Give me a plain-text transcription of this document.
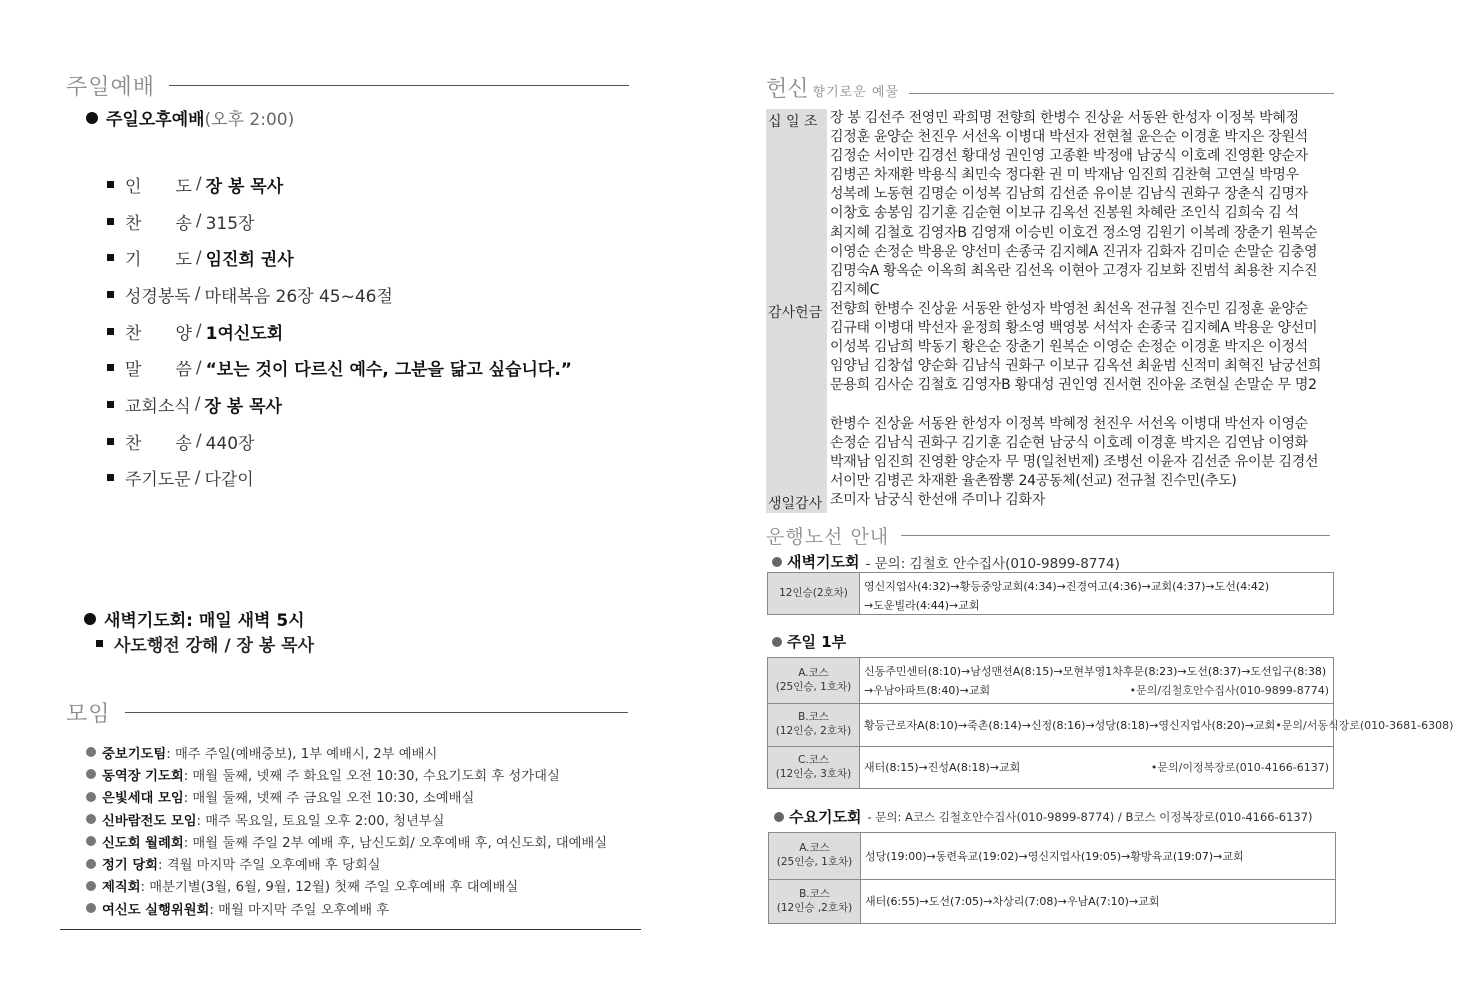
주일예배
주일오후예배 (오후 2:00)
인 도 / 장 봉 목사
찬 송 / 315장
기 도 / 임진희 권사
성경봉독 / 마태복음 26장 45~46절
찬 양 / 1여신도회
말 씀 / “보는 것이 다르신 예수, 그분을 닮고 싶습니다.”
교회소식 / 장 봉 목사
찬 송 / 440장
주기도문 / 다같이
새벽기도회: 매일 새벽 5시
사도행전 강해 / 장 봉 목사
모임
중보기도팀 : 매주 주일(예배중보), 1부 예배시, 2부 예배시
동역장 기도회 : 매월 둘째, 넷째 주 화요일 오전 10:30, 수요기도회 후 성가대실
은빛세대 모임 : 매월 둘째, 넷째 주 금요일 오전 10:30, 소예배실
신바람전도 모임 : 매주 목요일, 토요일 오후 2:00, 청년부실
신도회 월례회 : 매월 둘째 주일 2부 예배 후, 남신도회/ 오후예배 후, 여신도회, 대예배실
정기 당회 : 격월 마지막 주일 오후예배 후 당회실
제직회 : 매분기별(3월, 6월, 9월, 12월) 첫째 주일 오후예배 후 대예배실
여신도 실행위원회 : 매월 마지막 주일 오후예배 후
헌신 향기로운 예물
십 일 조 장 봉 김선주 전영민 곽희명 전향희 한병수 진상윤 서동완 한성자 이정복 박혜정
김정훈 윤양순 천진우 서선옥 이병대 박선자 전현철 윤은순 이경훈 박지은 장원석
김정순 서이만 김경선 황대성 권인영 고종환 박정애 남궁식 이호례 진영환 양순자
김병곤 차재환 박용식 최민숙 정다환 권 미 박재남 임진희 김찬혁 고연실 박명우
성복례 노동현 김명순 이성복 김남희 김선준 유이분 김남식 권화구 장춘식 김명자
이창호 송봉임 김기훈 김순현 이보규 김옥선 진봉원 차혜란 조인식 김희숙 김 석
최지혜 김철호 김영자B 김영재 이승빈 이호건 정소영 김원기 이복례 장춘기 원복순
이영순 손정순 박용운 양선미 손종국 김지혜A 진귀자 김화자 김미순 손말순 김충영
김명숙A 황옥순 이옥희 최옥란 김선옥 이현아 고경자 김보화 진범석 최용찬 지수진
김지혜C
감사헌금 전향희 한병수 진상윤 서동완 한성자 박영천 최선옥 전규철 진수민 김정훈 윤양순
김규태 이병대 박선자 윤정희 황소영 백영봉 서석자 손종국 김지혜A 박용운 양선미
이성복 김남희 박동기 황은순 장춘기 원복순 이영순 손정순 이경훈 박지은 이정석
임양님 김창섭 양순화 김남식 권화구 이보규 김옥선 최윤범 신적미 최혁진 남궁선희
문용희 김사순 김철호 김영자B 황대성 권인영 진서현 진아윤 조현실 손말순 무 명2
한병수 진상윤 서동완 한성자 이정복 박혜정 천진우 서선옥 이병대 박선자 이영순
손정순 김남식 권화구 김기훈 김순현 남궁식 이호례 이경훈 박지은 김연남 이영화
박재남 임진희 진영환 양순자 무 명(일천번제) 조병선 이윤자 김선준 유이분 김경선
서이만 김병곤 차재환 율촌짬뽕 24공동체(선교) 전규철 진수민(추도)
생일감사 조미자 남궁식 한선애 주미나 김화자
운행노선 안내
새벽기도회 - 문의: 김철호 안수집사(010-9899-8774)
12인승(2호차) 영신지업사(4:32)→황등중앙교회(4:34)→진경여고(4:36)→교회(4:37)→도선(4:42)
→도운빌라(4:44)→교회
주일 1부
A.코스
(25인승, 1호차)
신동주민센터(8:10)→남성맨션A(8:15)→모현부영1차후문(8:23)→도선(8:37)→도선입구(8:38)
→우남아파트(8:40)→교회	•문의/김철호안수집사(010-9899-8774)
B.코스
(12인승, 2호차) 황등근로자A(8:10)→죽촌(8:14)→신정(8:16)→성당(8:18)→영신지업사(8:20)→교회 •문의/서동식장로(010-3681-6308)
C.코스
(12인승, 3호차) 새터(8:15)→진성A(8:18)→교회	•문의/이정복장로(010-4166-6137)
수요기도회 - 문의: A코스 김철호안수집사(010-9899-8774) / B코스 이정복장로(010-4166-6137)
A.코스
(25인승, 1호차) 성당(19:00)→동련육교(19:02)→영신지업사(19:05)→황방육교(19:07)→교회
B.코스
(12인승 ,2호차) 새터(6:55)→도선(7:05)→차상리(7:08)→우남A(7:10)→교회
